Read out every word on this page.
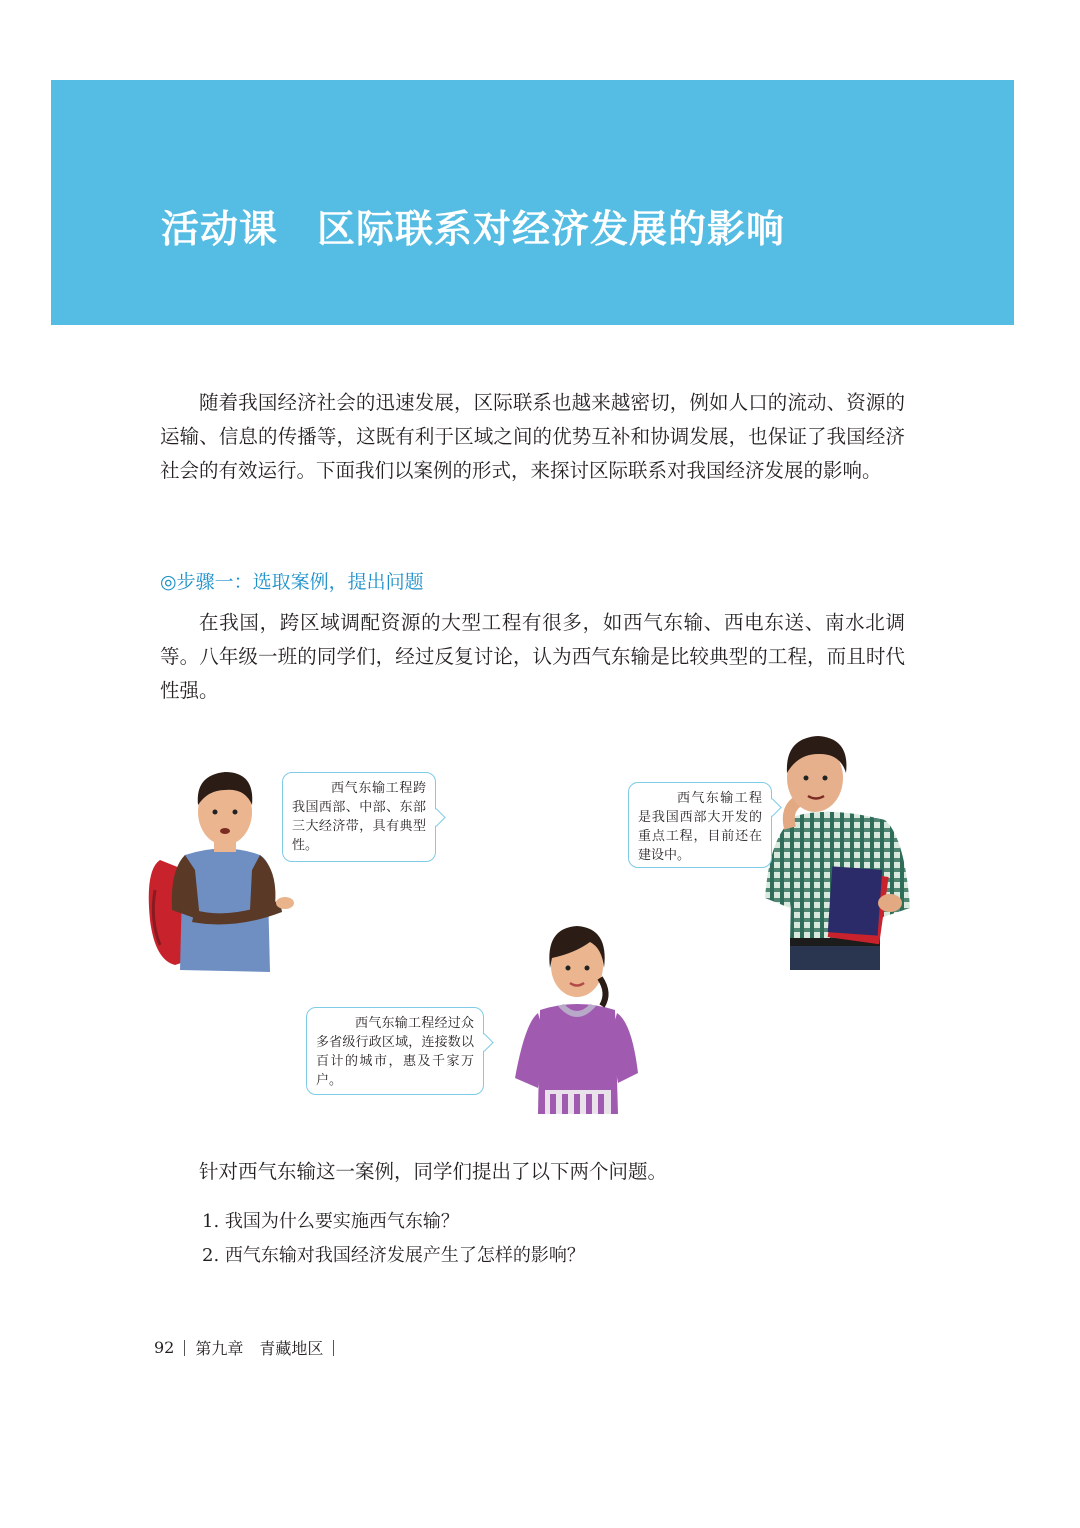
活动课　区际联系对经济发展的影响

随着我国经济社会的迅速发展，区际联系也越来越密切，例如人口的流动、资源的运输、信息的传播等，这既有利于区域之间的优势互补和协调发展，也保证了我国经济社会的有效运行。下面我们以案例的形式，来探讨区际联系对我国经济发展的影响。

◎步骤一：选取案例，提出问题

在我国，跨区域调配资源的大型工程有很多，如西气东输、西电东送、南水北调等。八年级一班的同学们，经过反复讨论，认为西气东输是比较典型的工程，而且时代性强。

西气东输工程跨我国西部、中部、东部三大经济带，具有典型性。
西气东输工程是我国西部大开发的重点工程，目前还在建设中。
西气东输工程经过众多省级行政区域，连接数以百计的城市，惠及千家万户。

针对西气东输这一案例，同学们提出了以下两个问题。

1. 我国为什么要实施西气东输？
2. 西气东输对我国经济发展产生了怎样的影响？
92 第九章　青藏地区
